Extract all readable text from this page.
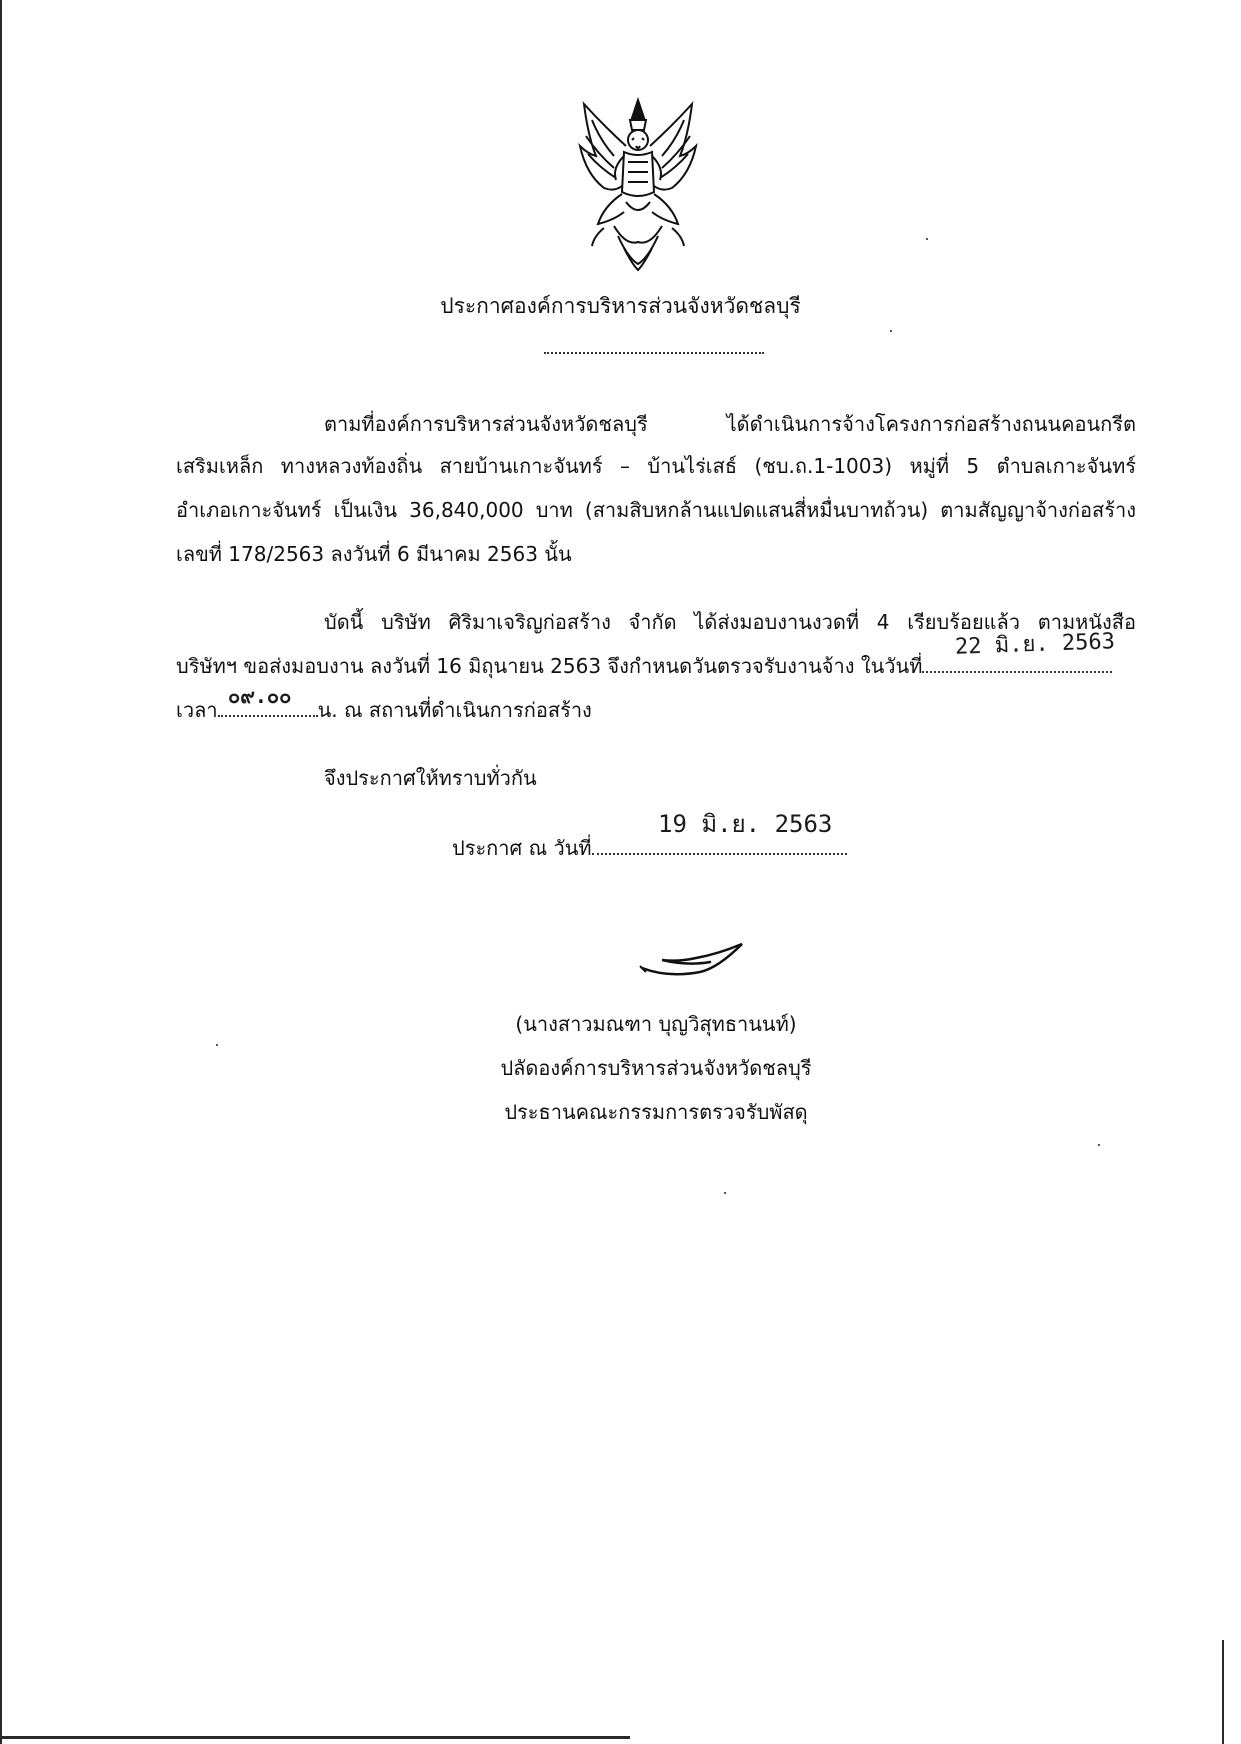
ประกาศองค์การบริหารส่วนจังหวัดชลบุรี
ตามที่องค์การบริหารส่วนจังหวัดชลบุรี ได้ดำเนินการจ้างโครงการก่อสร้างถนนคอนกรีต
เสริมเหล็ก ทางหลวงท้องถิ่น สายบ้านเกาะจันทร์ – บ้านไร่เสธ์ (ชบ.ถ.1-1003) หมู่ที่ 5 ตำบลเกาะจันทร์
อำเภอเกาะจันทร์ เป็นเงิน 36,840,000 บาท (สามสิบหกล้านแปดแสนสี่หมื่นบาทถ้วน) ตามสัญญาจ้างก่อสร้าง
เลขที่ 178/2563 ลงวันที่ 6 มีนาคม 2563 นั้น
บัดนี้ บริษัท ศิริมาเจริญก่อสร้าง จำกัด ได้ส่งมอบงานงวดที่ 4 เรียบร้อยแล้ว ตามหนังสือ
บริษัทฯ ขอส่งมอบงาน ลงวันที่ 16 มิถุนายน 2563 จึงกำหนดวันตรวจรับงานจ้าง ในวันที่
22 มิ.ย. 2563
เวลา	น. ณ สถานที่ดำเนินการก่อสร้าง
๐๙.๐๐
จึงประกาศให้ทราบทั่วกัน
ประกาศ ณ วันที่
19 มิ.ย. 2563
(นางสาวมณฑา บุญวิสุทธานนท์)
ปลัดองค์การบริหารส่วนจังหวัดชลบุรี
ประธานคณะกรรมการตรวจรับพัสดุ
